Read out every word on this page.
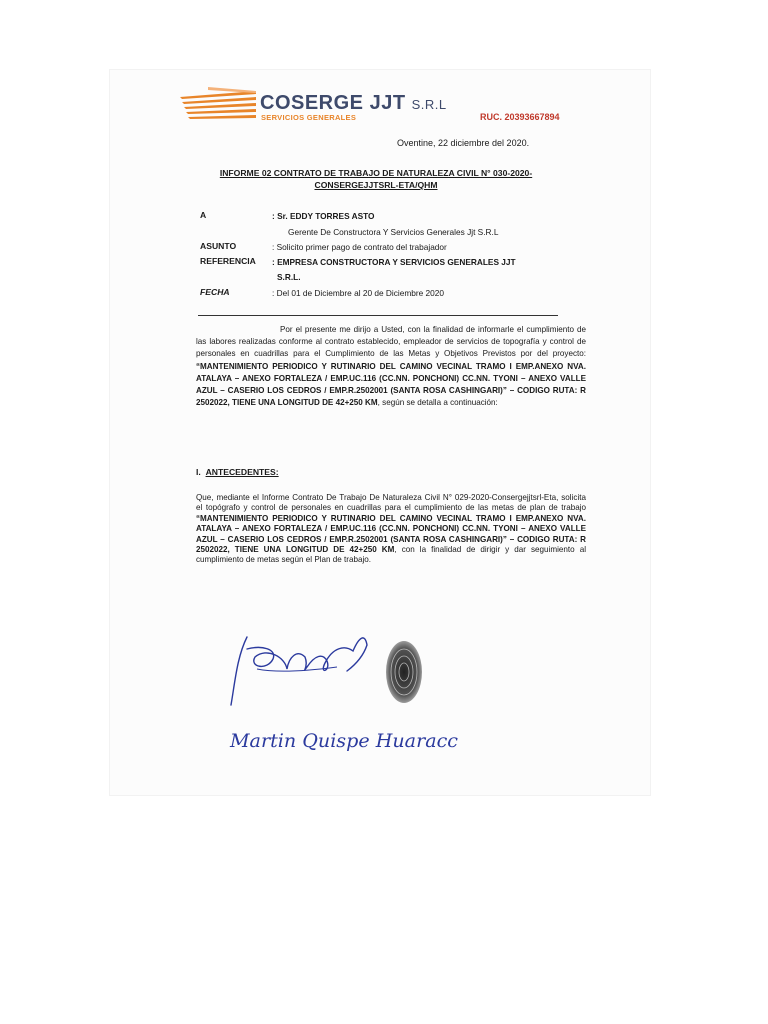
COSERGE JJT S.R.L
SERVICIOS GENERALES	RUC. 20393667894
Oventine, 22 diciembre del 2020.
INFORME 02 CONTRATO DE TRABAJO DE NATURALEZA CIVIL N° 030-2020-CONSERGEJJTSRL-ETA/QHM
A	: Sr. EDDY TORRES ASTO
Gerente De Constructora Y Servicios Generales Jjt S.R.L
ASUNTO	: Solicito primer pago de contrato del trabajador
REFERENCIA : EMPRESA CONSTRUCTORA Y SERVICIOS GENERALES JJT
S.R.L.
FECHA	: Del 01 de Diciembre al 20 de Diciembre 2020
Por el presente me dirijo a Usted, con la finalidad de informarle el cumplimiento de las labores realizadas conforme al contrato establecido, empleador de servicios de topografía y control de personales en cuadrillas para el Cumplimiento de las Metas y Objetivos Previstos por del proyecto: “MANTENIMIENTO PERIODICO Y RUTINARIO DEL CAMINO VECINAL TRAMO I EMP.ANEXO NVA. ATALAYA – ANEXO FORTALEZA / EMP.UC.116 (CC.NN. PONCHONI) CC.NN. TYONI – ANEXO VALLE AZUL – CASERIO LOS CEDROS / EMP.R.2502001 (SANTA ROSA CASHINGARI)” – CODIGO RUTA: R 2502022, TIENE UNA LONGITUD DE 42+250 KM, según se detalla a continuación:
I. ANTECEDENTES:
Que, mediante el Informe Contrato De Trabajo De Naturaleza Civil N° 029-2020-Consergejjtsrl-Eta, solicita el topógrafo y control de personales en cuadrillas para el cumplimiento de las metas de plan de trabajo “MANTENIMIENTO PERIODICO Y RUTINARIO DEL CAMINO VECINAL TRAMO I EMP.ANEXO NVA. ATALAYA – ANEXO FORTALEZA / EMP.UC.116 (CC.NN. PONCHONI) CC.NN. TYONI – ANEXO VALLE AZUL – CASERIO LOS CEDROS / EMP.R.2502001 (SANTA ROSA CASHINGARI)” – CODIGO RUTA: R 2502022, TIENE UNA LONGITUD DE 42+250 KM, con la finalidad de dirigir y dar seguimiento al cumplimiento de metas según el Plan de trabajo.
Martin Quispe Huaracc
